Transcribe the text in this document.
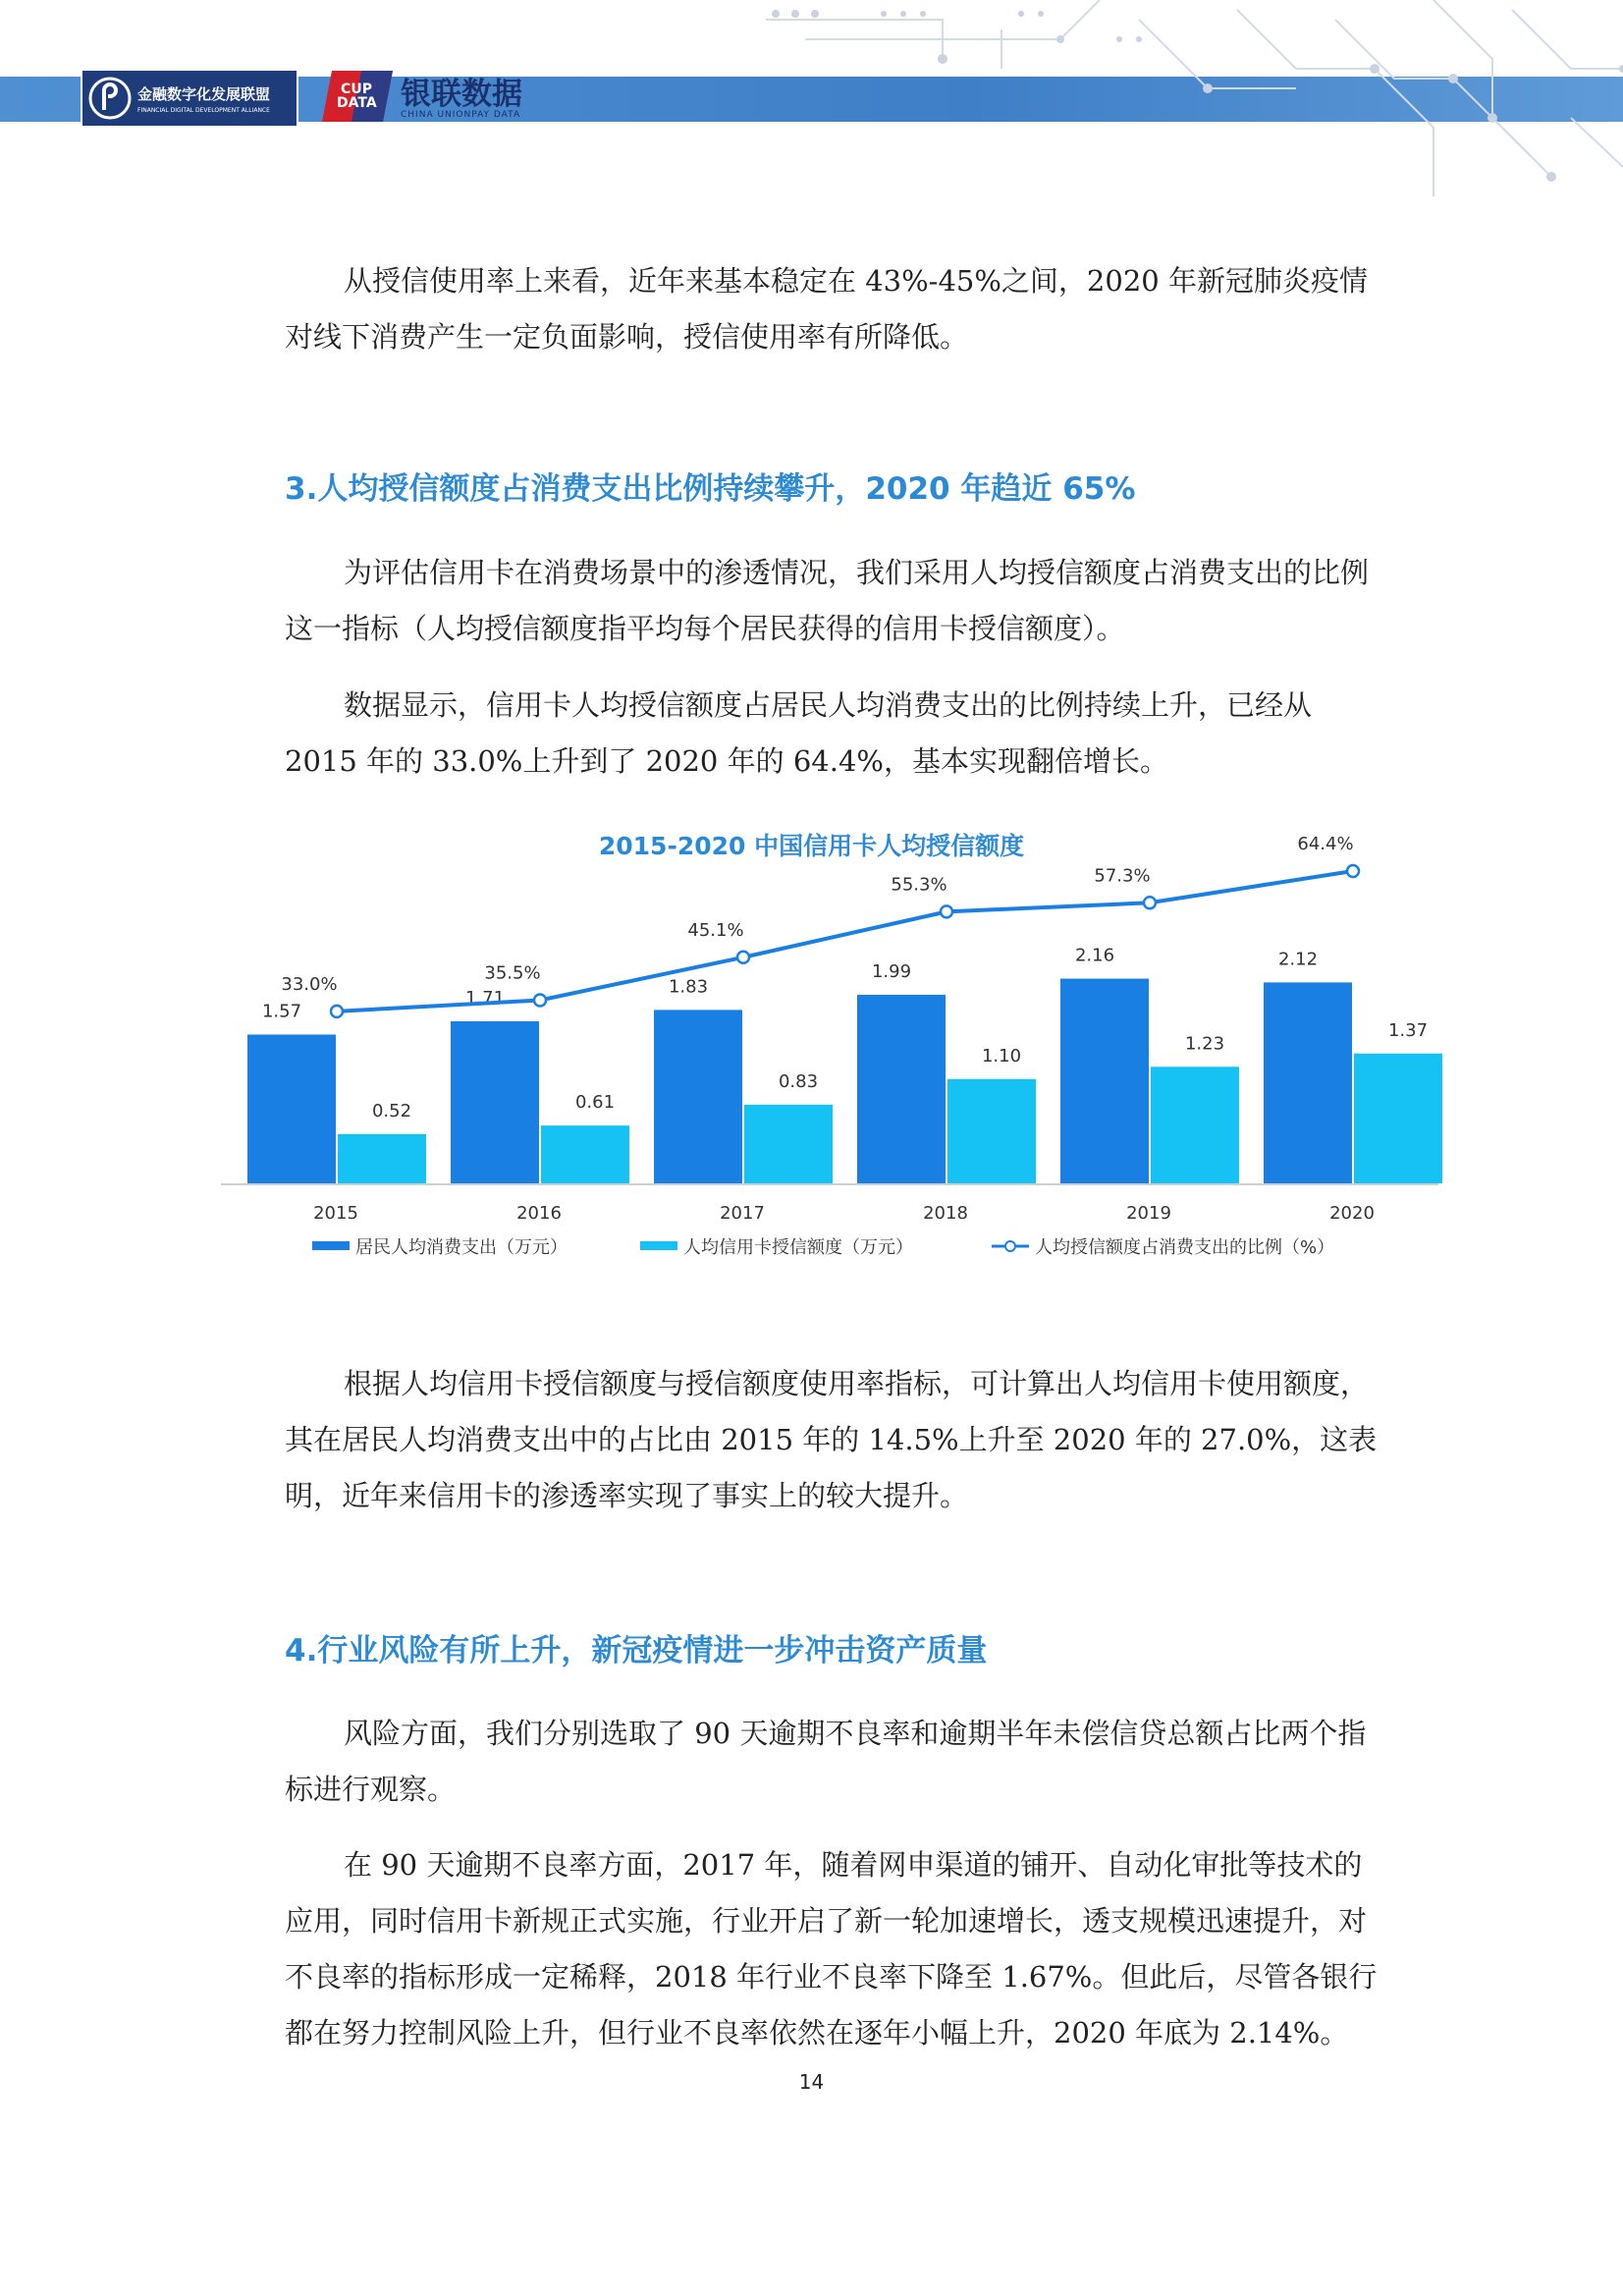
金融数字化发展联盟
FINANCIAL DIGITAL DEVELOPMENT ALLIANCE
CUP DATA 银联数据
CHINA UNIONPAY DATA

从授信使用率上来看，近年来基本稳定在 43%-45%之间，2020 年新冠肺炎疫情对线下消费产生一定负面影响，授信使用率有所降低。

3.人均授信额度占消费支出比例持续攀升，2020 年趋近 65%

为评估信用卡在消费场景中的渗透情况，我们采用人均授信额度占消费支出的比例这一指标（人均授信额度指平均每个居民获得的信用卡授信额度）。

数据显示，信用卡人均授信额度占居民人均消费支出的比例持续上升，已经从 2015 年的 33.0%上升到了 2020 年的 64.4%，基本实现翻倍增长。

2015-2020 中国信用卡人均授信额度
1.57
0.52
2015
1.71
0.61
2016
1.83
0.83
2017
1.99
1.10
2018
2.16
1.23
2019
2.12
1.37
2020
33.0%
35.5%
45.1%
55.3%	57.3%
64.4%
居民人均消费支出（万元）	人均信用卡授信额度（万元）	人均授信额度占消费支出的比例（%）

根据人均信用卡授信额度与授信额度使用率指标，可计算出人均信用卡使用额度，其在居民人均消费支出中的占比由 2015 年的 14.5%上升至 2020 年的 27.0%，这表明，近年来信用卡的渗透率实现了事实上的较大提升。

4.行业风险有所上升，新冠疫情进一步冲击资产质量

风险方面，我们分别选取了 90 天逾期不良率和逾期半年未偿信贷总额占比两个指标进行观察。

在 90 天逾期不良率方面，2017 年，随着网申渠道的铺开、自动化审批等技术的应用，同时信用卡新规正式实施，行业开启了新一轮加速增长，透支规模迅速提升，对不良率的指标形成一定稀释，2018 年行业不良率下降至 1.67%。但此后，尽管各银行都在努力控制风险上升，但行业不良率依然在逐年小幅上升，2020 年底为 2.14%。

14
